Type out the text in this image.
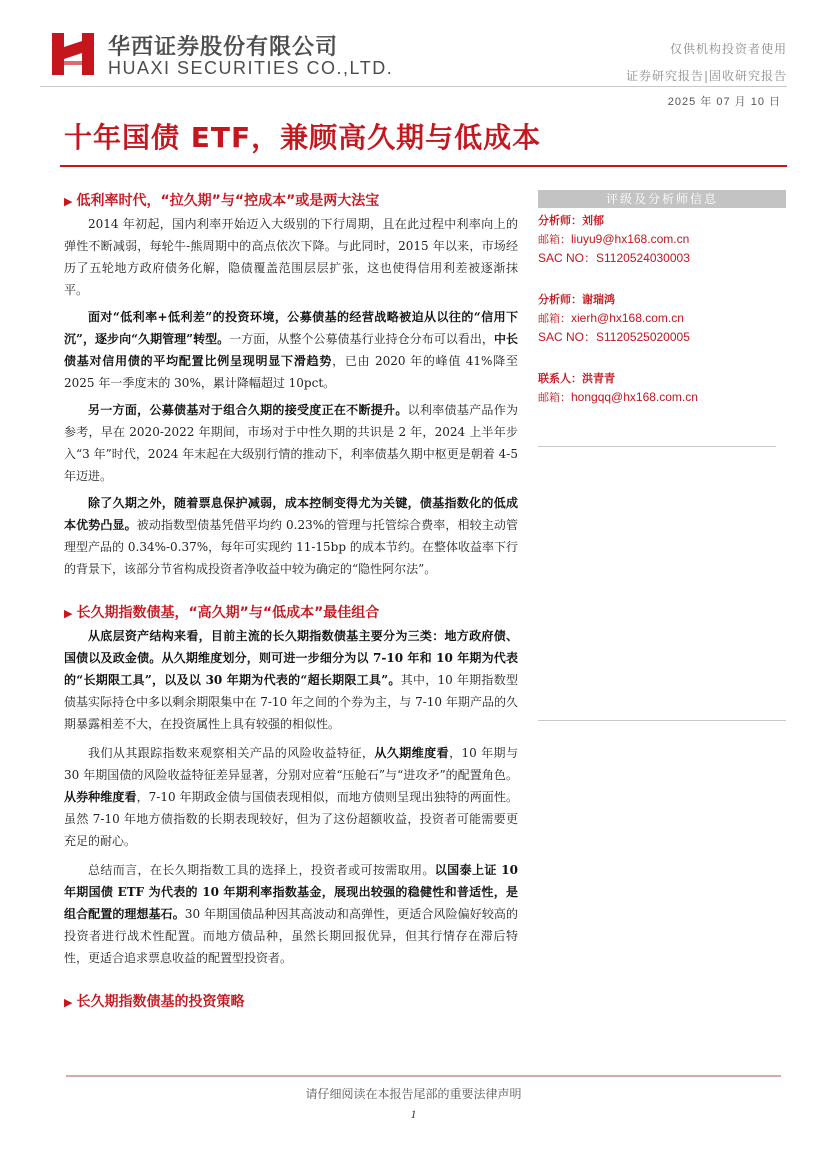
华西证券股份有限公司
HUAXI SECURITIES CO.,LTD.
仅供机构投资者使用
证券研究报告|固收研究报告
2025 年 07 月 10 日
十年国债 ETF，兼顾高久期与低成本
▶ 低利率时代，“拉久期”与“控成本”或是两大法宝

2014 年初起，国内利率开始迈入大级别的下行周期，且在此过程中利率向上的弹性不断减弱，每轮牛-熊周期中的高点依次下降。与此同时，2015 年以来，市场经历了五轮地方政府债务化解，隐债覆盖范围层层扩张，这也使得信用利差被逐渐抹平。

面对“低利率+低利差”的投资环境，公募债基的经营战略被迫从以往的“信用下沉”，逐步向“久期管理”转型。一方面，从整个公募债基行业持仓分布可以看出，中长债基对信用债的平均配置比例呈现明显下滑趋势，已由 2020 年的峰值 41%降至 2025 年一季度末的 30%，累计降幅超过 10pct。

另一方面，公募债基对于组合久期的接受度正在不断提升。以利率债基产品作为参考，早在 2020-2022 年期间，市场对于中性久期的共识是 2 年，2024 上半年步入“3 年”时代，2024 年末起在大级别行情的推动下，利率债基久期中枢更是朝着 4-5 年迈进。

除了久期之外，随着票息保护减弱，成本控制变得尤为关键，债基指数化的低成本优势凸显。被动指数型债基凭借平均约 0.23%的管理与托管综合费率，相较主动管理型产品的 0.34%-0.37%，每年可实现约 11-15bp 的成本节约。在整体收益率下行的背景下，该部分节省构成投资者净收益中较为确定的“隐性阿尔法”。

▶ 长久期指数债基，“高久期”与“低成本”最佳组合

从底层资产结构来看，目前主流的长久期指数债基主要分为三类：地方政府债、国债以及政金债。从久期维度划分，则可进一步细分为以 7-10 年和 10 年期为代表的“长期限工具”，以及以 30 年期为代表的“超长期限工具”。其中，10 年期指数型债基实际持仓中多以剩余期限集中在 7-10 年之间的个券为主，与 7-10 年期产品的久期暴露相差不大，在投资属性上具有较强的相似性。

我们从其跟踪指数来观察相关产品的风险收益特征，从久期维度看，10 年期与 30 年期国债的风险收益特征差异显著，分别对应着“压舱石”与“进攻矛”的配置角色。从券种维度看，7-10 年期政金债与国债表现相似，而地方债则呈现出独特的两面性。虽然 7-10 年地方债指数的长期表现较好，但为了这份超额收益，投资者可能需要更充足的耐心。

总结而言，在长久期指数工具的选择上，投资者或可按需取用。以国泰上证 10 年期国债 ETF 为代表的 10 年期利率指数基金，展现出较强的稳健性和普适性，是组合配置的理想基石。30 年期国债品种因其高波动和高弹性，更适合风险偏好较高的投资者进行战术性配置。而地方债品种，虽然长期回报优异，但其行情存在滞后特性，更适合追求票息收益的配置型投资者。

▶ 长久期指数债基的投资策略
评级及分析师信息
分析师：刘郁
邮箱：liuyu9@hx168.com.cn
SAC NO：S1120524030003
分析师：谢瑞鸿
邮箱：xierh@hx168.com.cn
SAC NO：S1120525020005
联系人：洪青青
邮箱：hongqq@hx168.com.cn
请仔细阅读在本报告尾部的重要法律声明
1
